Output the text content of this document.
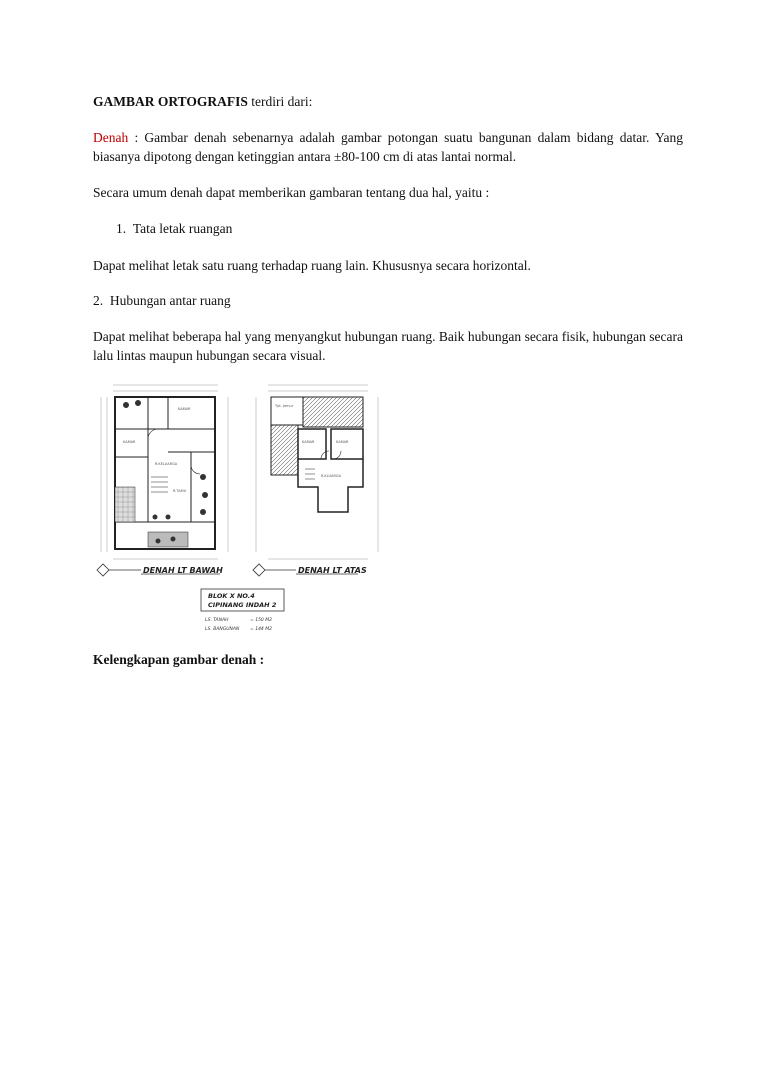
GAMBAR ORTOGRAFIS terdiri dari:

Denah : Gambar denah sebenarnya adalah gambar potongan suatu bangunan dalam bidang datar. Yang biasanya dipotong dengan ketinggian antara ±80-100 cm di atas lantai normal.

Secara umum denah dapat memberikan gambaran tentang dua hal, yaitu :

1. Tata letak ruangan

Dapat melihat letak satu ruang terhadap ruang lain. Khususnya secara horizontal.

2. Hubungan antar ruang

Dapat melihat beberapa hal yang menyangkut hubungan ruang. Baik hubungan secara fisik, hubungan secara lalu lintas maupun hubungan secara visual.

KAMAR
KAMAR
R.KELUARGA
R.TAMU
Tpt. Jemur
KAMAR	KAMAR
R.KLUARGA
DENAH LT BAWAH	DENAH LT ATAS
BLOK X NO.4
CIPINANG INDAH 2
LS. TANAH	= 150 M2
LS. BANGUNAN = 144 M2

Kelengkapan gambar denah :
